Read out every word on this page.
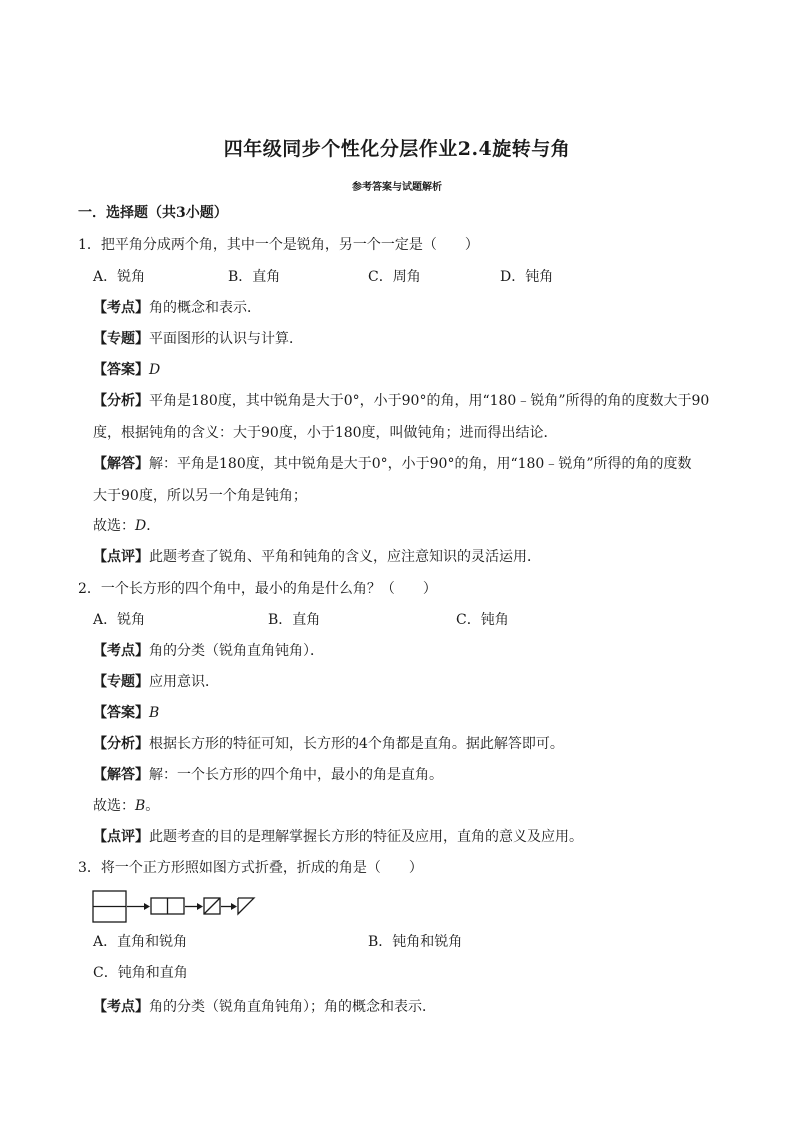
四年级同步个性化分层作业2.4旋转与角
参考答案与试题解析
一．选择题（共3小题）
1．把平角分成两个角，其中一个是锐角，另一个一定是（　　）
A．锐角	B．直角	C．周角	D．钝角
【考点】角的概念和表示．
【专题】平面图形的认识与计算．
【答案】D
【分析】平角是180度，其中锐角是大于0°，小于90°的角，用“180﹣锐角”所得的角的度数大于90
度，根据钝角的含义：大于90度，小于180度，叫做钝角；进而得出结论．
【解答】解：平角是180度，其中锐角是大于0°，小于90°的角，用“180﹣锐角”所得的角的度数
大于90度，所以另一个角是钝角；
故选：D．
【点评】此题考查了锐角、平角和钝角的含义，应注意知识的灵活运用．
2．一个长方形的四个角中，最小的角是什么角？（　　）
A．锐角	B．直角	C．钝角
【考点】角的分类（锐角直角钝角）．
【专题】应用意识．
【答案】B
【分析】根据长方形的特征可知，长方形的4个角都是直角。据此解答即可。
【解答】解：一个长方形的四个角中，最小的角是直角。
故选：B。
【点评】此题考查的目的是理解掌握长方形的特征及应用，直角的意义及应用。
3．将一个正方形照如图方式折叠，折成的角是（　　）
A．直角和锐角	B．钝角和锐角
C．钝角和直角
【考点】角的分类（锐角直角钝角）；角的概念和表示．
